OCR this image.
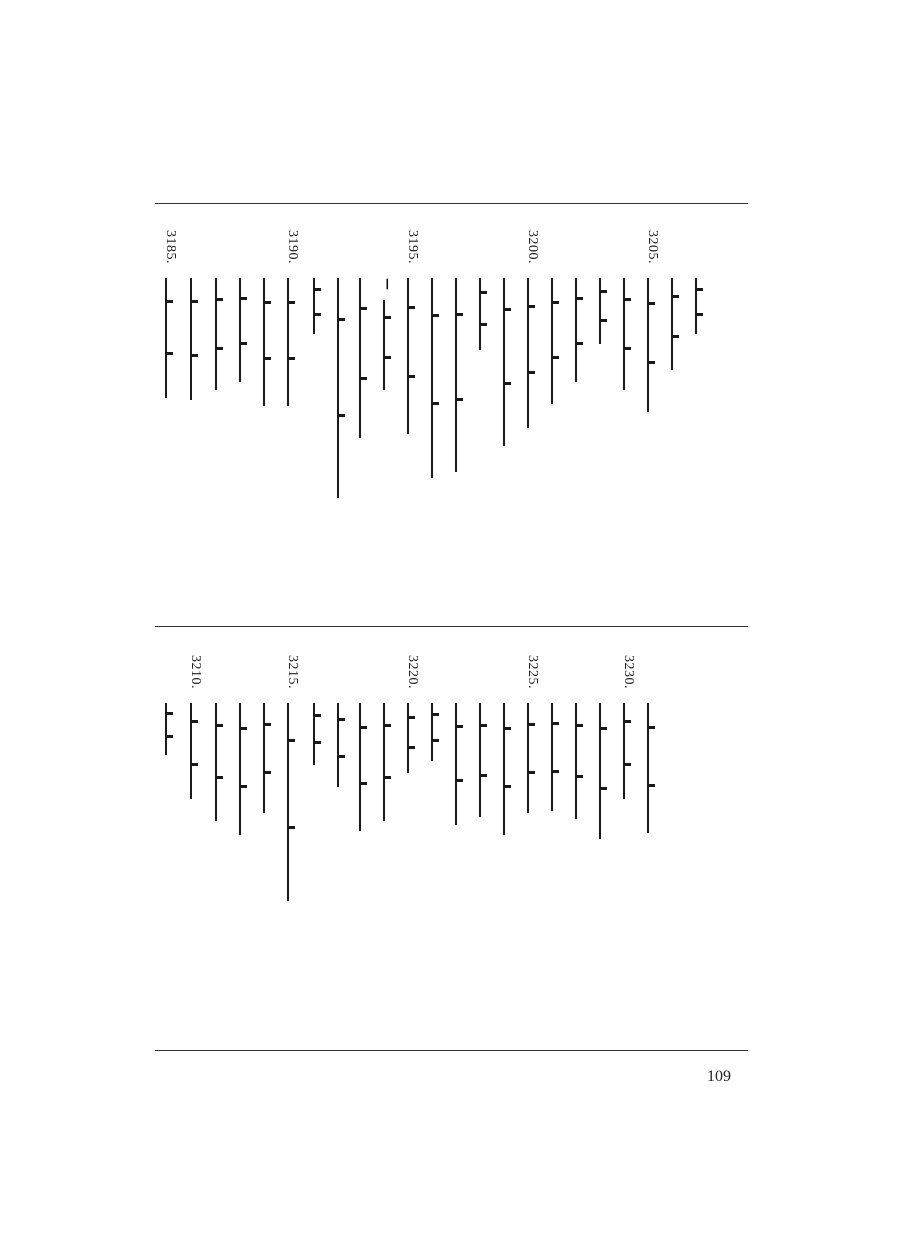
3185.	3190.
—
3195.	3200.	3205.
3210.	3215.	3220.	3225.	3230.
109
